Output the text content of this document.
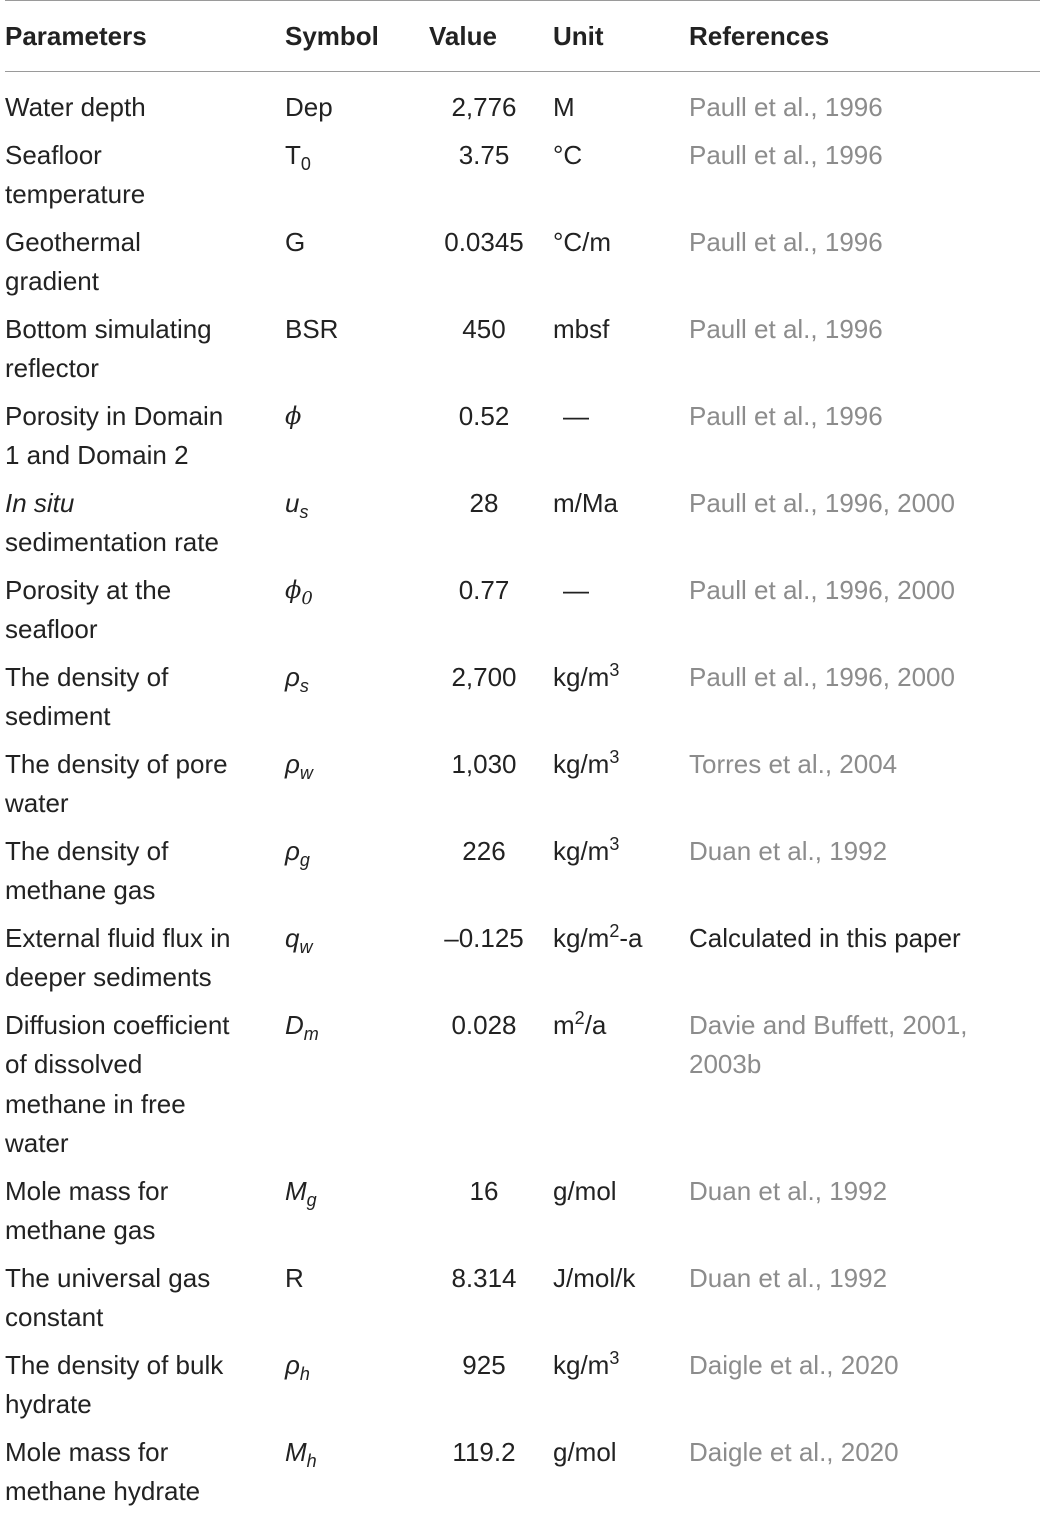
Parameters	Symbol	Value	Unit	References
Water depth	Dep	2,776	M	Paull et al., 1996
Seafloor
temperature	$T_0$	3.75	°C	Paull et al., 1996
Geothermal
gradient	G	0.0345	°C/m	Paull et al., 1996
Bottom simulating
reflector	BSR	450	mbsf	Paull et al., 1996
Porosity in Domain
1 and Domain 2	ϕ	0.52	—	Paull et al., 1996
In situ
sedimentation rate	$u_s$	28	m/Ma	Paull et al., 1996, 2000
Porosity at the
seafloor	$\phi_0$	0.77	—	Paull et al., 1996, 2000
The density of
sediment	$\rho_s$	2,700	$kg/m^3$	Paull et al., 1996, 2000
The density of pore
water	$\rho_w$	1,030	$kg/m^3$	Torres et al., 2004
The density of
methane gas	$\rho_g$	226	$kg/m^3$	Duan et al., 1992
External fluid flux in
deeper sediments	$q_w$	–0.125	$kg/m^2-a$	Calculated in this paper
Diffusion coefficient
of dissolved
methane in free
water	$D_m$	0.028	$m^2/a$	Davie and Buffett, 2001,
2003b
Mole mass for
methane gas	$M_g$	16	g/mol	Duan et al., 1992
The universal gas
constant	R	8.314	J/mol/k	Duan et al., 1992
The density of bulk
hydrate	$\rho_h$	925	$kg/m^3$	Daigle et al., 2020
Mole mass for
methane hydrate	$M_h$	119.2	g/mol	Daigle et al., 2020
